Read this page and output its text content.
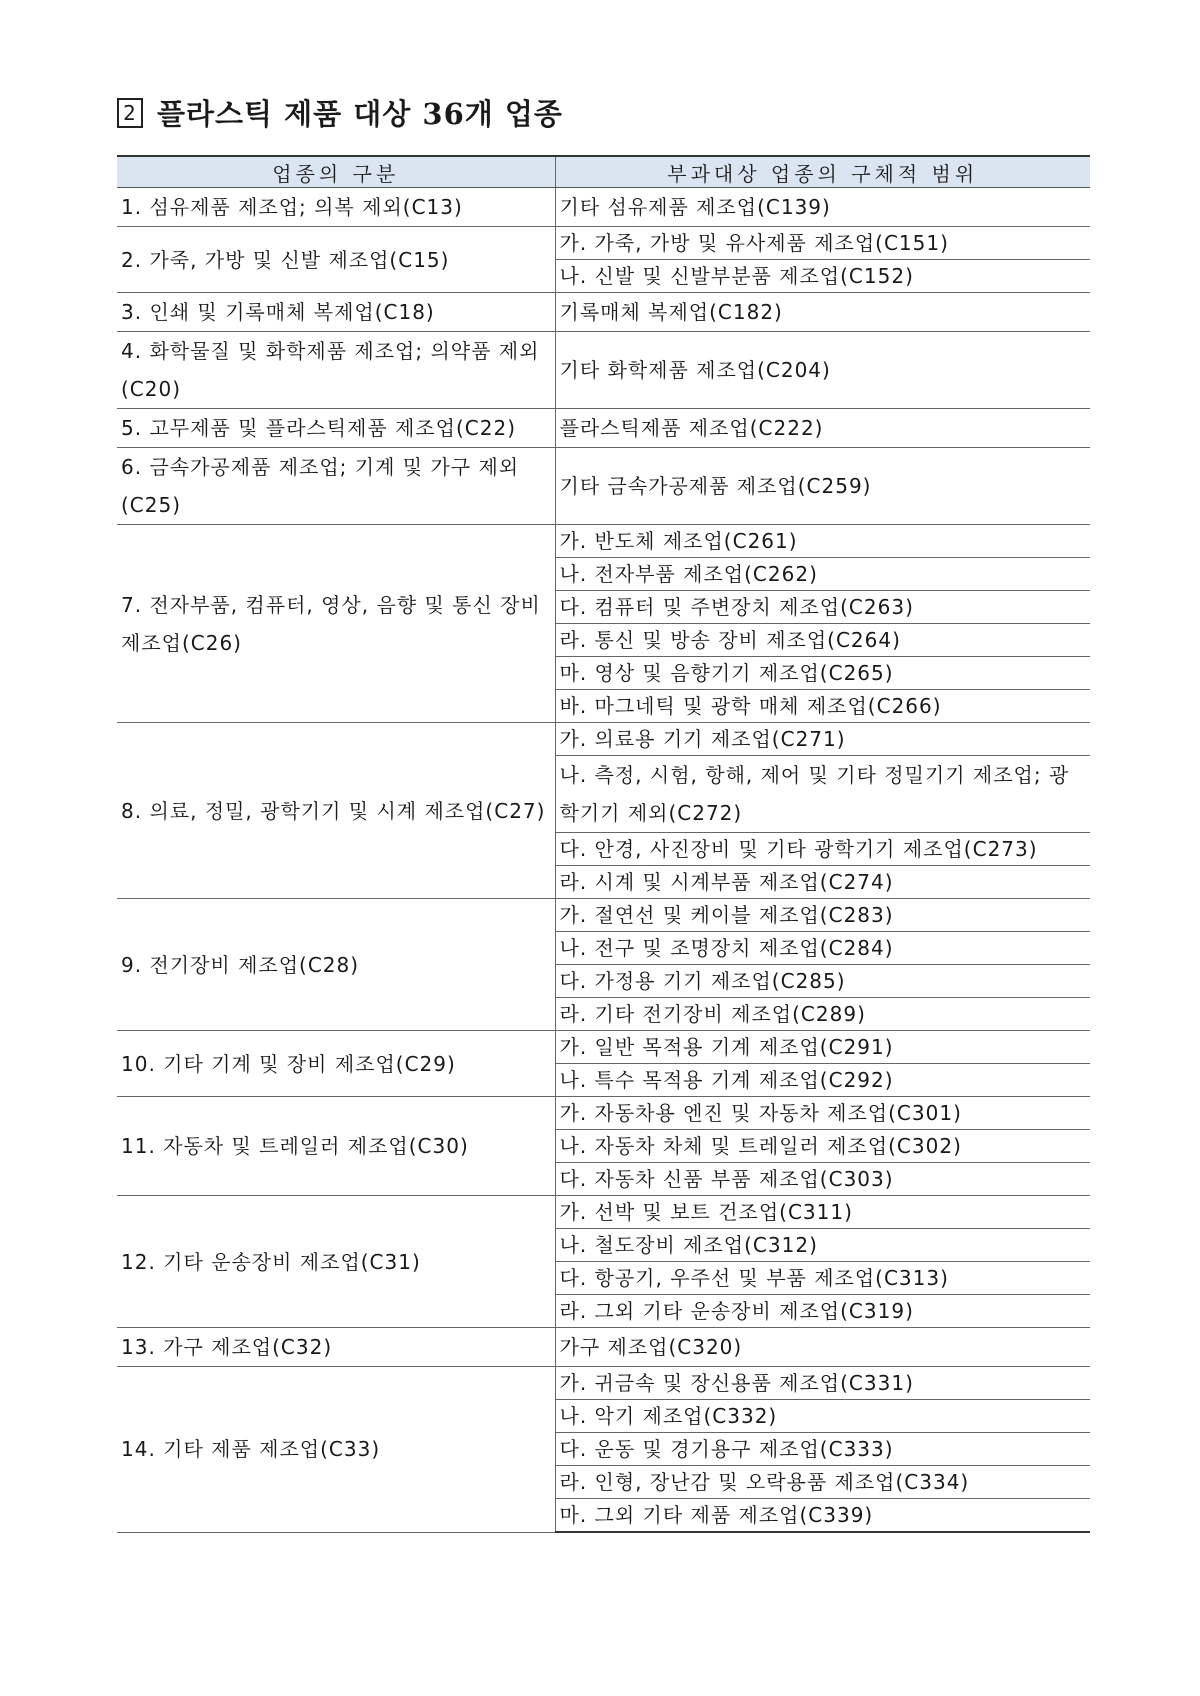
2 플라스틱 제품 대상 36개 업종
업종의 구분	부과대상 업종의 구체적 범위
1. 섬유제품 제조업; 의복 제외(C13)	기타 섬유제품 제조업(C139)
2. 가죽, 가방 및 신발 제조업(C15)	가. 가죽, 가방 및 유사제품 제조업(C151)
	나. 신발 및 신발부분품 제조업(C152)
3. 인쇄 및 기록매체 복제업(C18)	기록매체 복제업(C182)
4. 화학물질 및 화학제품 제조업; 의약품 제외(C20)	기타 화학제품 제조업(C204)
5. 고무제품 및 플라스틱제품 제조업(C22)	플라스틱제품 제조업(C222)
6. 금속가공제품 제조업; 기계 및 가구 제외(C25)	기타 금속가공제품 제조업(C259)
7. 전자부품, 컴퓨터, 영상, 음향 및 통신 장비 제조업(C26)	가. 반도체 제조업(C261)
	나. 전자부품 제조업(C262)
	다. 컴퓨터 및 주변장치 제조업(C263)
	라. 통신 및 방송 장비 제조업(C264)
	마. 영상 및 음향기기 제조업(C265)
	바. 마그네틱 및 광학 매체 제조업(C266)
8. 의료, 정밀, 광학기기 및 시계 제조업(C27)	가. 의료용 기기 제조업(C271)
	나. 측정, 시험, 항해, 제어 및 기타 정밀기기 제조업; 광학기기 제외(C272)
	다. 안경, 사진장비 및 기타 광학기기 제조업(C273)
	라. 시계 및 시계부품 제조업(C274)
9. 전기장비 제조업(C28)	가. 절연선 및 케이블 제조업(C283)
	나. 전구 및 조명장치 제조업(C284)
	다. 가정용 기기 제조업(C285)
	라. 기타 전기장비 제조업(C289)
10. 기타 기계 및 장비 제조업(C29)	가. 일반 목적용 기계 제조업(C291)
	나. 특수 목적용 기계 제조업(C292)
11. 자동차 및 트레일러 제조업(C30)	가. 자동차용 엔진 및 자동차 제조업(C301)
	나. 자동차 차체 및 트레일러 제조업(C302)
	다. 자동차 신품 부품 제조업(C303)
12. 기타 운송장비 제조업(C31)	가. 선박 및 보트 건조업(C311)
	나. 철도장비 제조업(C312)
	다. 항공기, 우주선 및 부품 제조업(C313)
	라. 그외 기타 운송장비 제조업(C319)
13. 가구 제조업(C32)	가구 제조업(C320)
14. 기타 제품 제조업(C33)	가. 귀금속 및 장신용품 제조업(C331)
	나. 악기 제조업(C332)
	다. 운동 및 경기용구 제조업(C333)
	라. 인형, 장난감 및 오락용품 제조업(C334)
	마. 그외 기타 제품 제조업(C339)
